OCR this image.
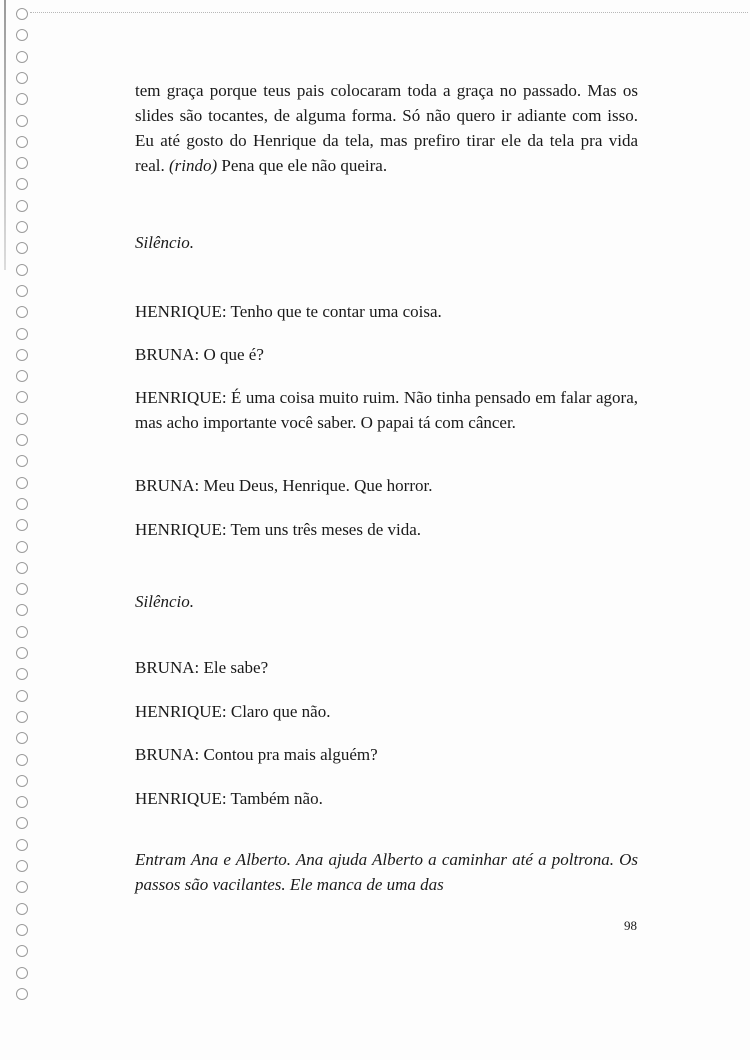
tem graça porque teus pais colocaram toda a graça no passado. Mas os slides são tocantes, de alguma forma. Só não quero ir adiante com isso. Eu até gosto do Henrique da tela, mas prefiro tirar ele da tela pra vida real. (rindo) Pena que ele não queira.

Silêncio.

HENRIQUE: Tenho que te contar uma coisa.

BRUNA: O que é?

HENRIQUE: É uma coisa muito ruim. Não tinha pensado em falar agora, mas acho importante você saber. O papai tá com câncer.

BRUNA: Meu Deus, Henrique. Que horror.

HENRIQUE: Tem uns três meses de vida.

Silêncio.

BRUNA: Ele sabe?

HENRIQUE: Claro que não.

BRUNA: Contou pra mais alguém?

HENRIQUE: Também não.

Entram Ana e Alberto. Ana ajuda Alberto a caminhar até a poltrona. Os passos são vacilantes. Ele manca de uma das

98
